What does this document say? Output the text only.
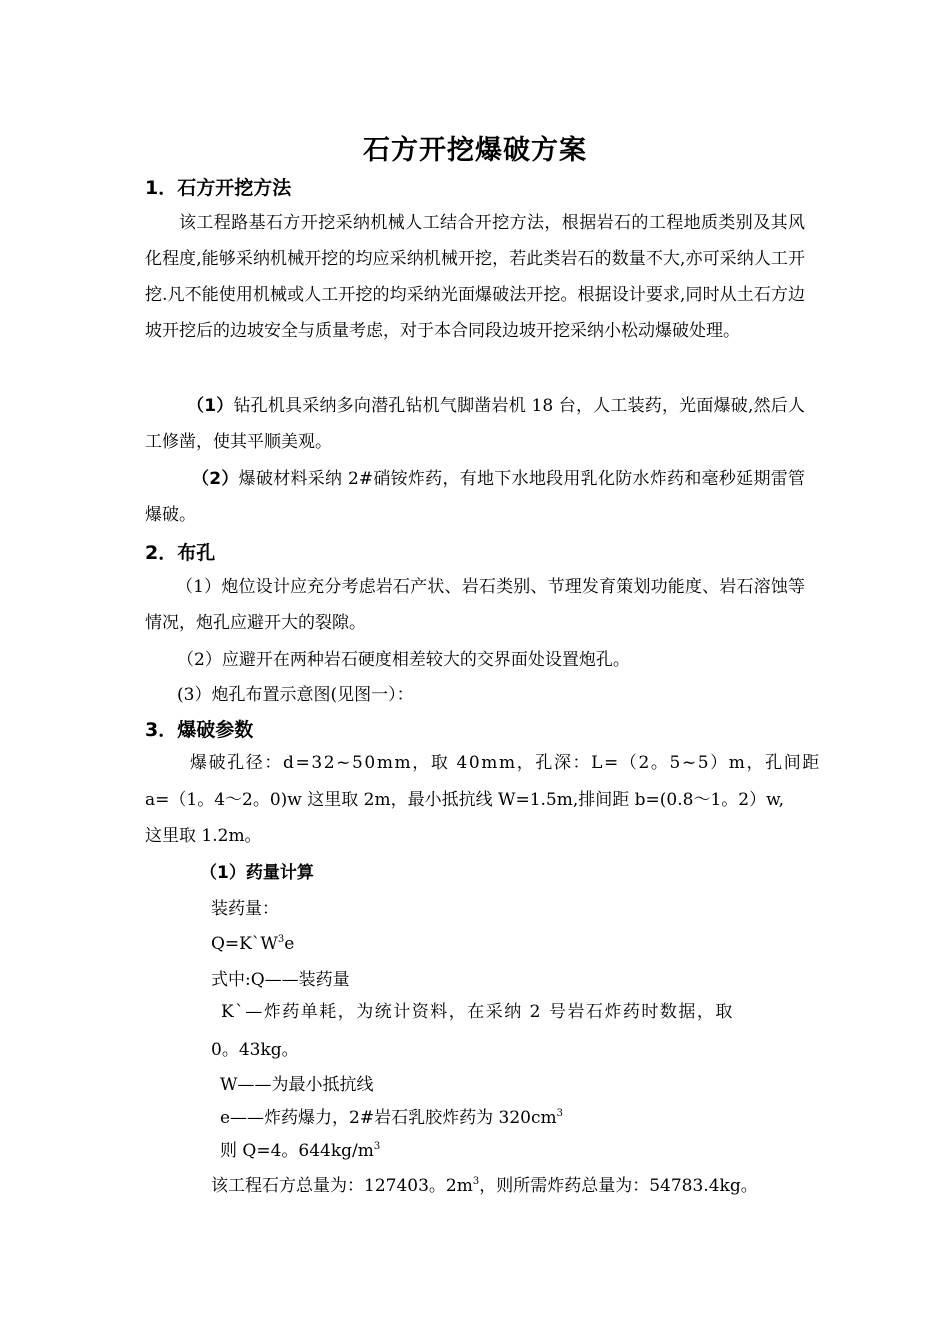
石方开挖爆破方案
1．石方开挖方法

该工程路基石方开挖采纳机械人工结合开挖方法，根据岩石的工程地质类别及其风化程度,能够采纳机械开挖的均应采纳机械开挖，若此类岩石的数量不大,亦可采纳人工开挖.凡不能使用机械或人工开挖的均采纳光面爆破法开挖。根据设计要求,同时从土石方边坡开挖后的边坡安全与质量考虑，对于本合同段边坡开挖采纳小松动爆破处理。

（1）钻孔机具采纳多向潜孔钻机气脚凿岩机 18 台，人工装药，光面爆破,然后人工修凿，使其平顺美观。

（2）爆破材料采纳 2#硝铵炸药，有地下水地段用乳化防水炸药和毫秒延期雷管爆破。

2．布孔

（1）炮位设计应充分考虑岩石产状、岩石类别、节理发育策划功能度、岩石溶蚀等情况，炮孔应避开大的裂隙。

（2）应避开在两种岩石硬度相差较大的交界面处设置炮孔。

(3）炮孔布置示意图(见图一）：

3．爆破参数

爆破孔径：d=32~50mm，取 40mm，孔深：L=（2。5~5）m，孔间距

a=（1。4～2。0)w 这里取 2m，最小抵抗线 W=1.5m,排间距 b=(0.8～1。2）w,

这里取 1.2m。

（1）药量计算

装药量：

$Q=K`W^3e$

式中:Q——装药量

K`—炸药单耗，为统计资料，在采纳 2 号岩石炸药时数据，取

0。43kg。

W——为最小抵抗线

e——炸药爆力，2#岩石乳胶炸药为 $320cm^3$

则 Q=4。$644kg/m^3$

该工程石方总量为：127403。$2m^3$，则所需炸药总量为：54783.4kg。
